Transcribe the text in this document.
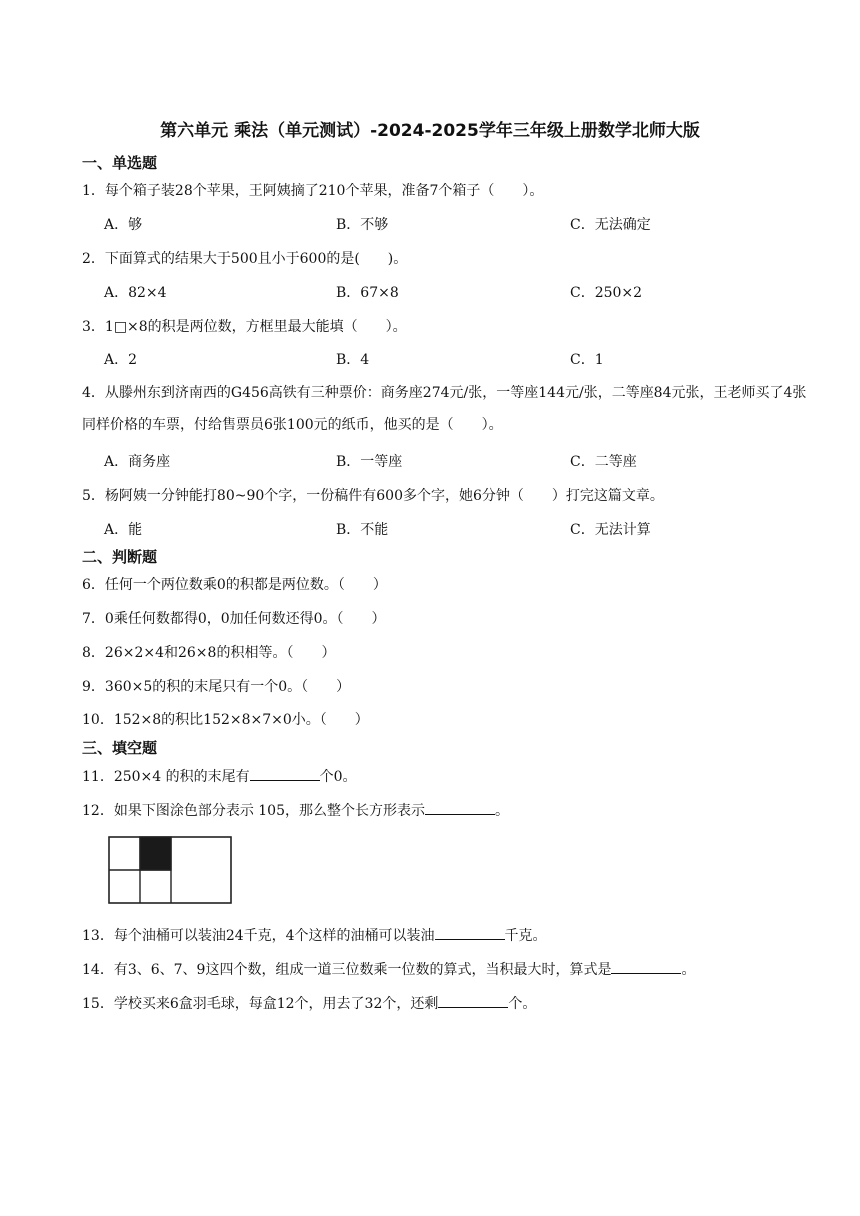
第六单元 乘法（单元测试）-2024-2025学年三年级上册数学北师大版
一、单选题
1．每个箱子装28个苹果，王阿姨摘了210个苹果，准备7个箱子（　　）。
A．够	B．不够	C．无法确定
2．下面算式的结果大于500且小于600的是(　　)。
A．82×4	B．67×8	C．250×2
3．1□×8的积是两位数，方框里最大能填（　　）。
A．2	B．4	C．1
4．从滕州东到济南西的G456高铁有三种票价：商务座274元/张，一等座144元/张，二等座84元张，王老师买了4张同样价格的车票，付给售票员6张100元的纸币，他买的是（　　）。
A．商务座	B．一等座	C．二等座
5．杨阿姨一分钟能打80~90个字，一份稿件有600多个字，她6分钟（　　）打完这篇文章。
A．能	B．不能	C．无法计算
二、判断题
6．任何一个两位数乘0的积都是两位数。（　　）
7．0乘任何数都得0，0加任何数还得0。（　　）
8．26×2×4和26×8的积相等。（　　）
9．360×5的积的末尾只有一个0。（　　）
10．152×8的积比152×8×7×0小。（　　）
三、填空题
11．250×4 的积的末尾有	个0。
12．如果下图涂色部分表示 105，那么整个长方形表示	。
13．每个油桶可以装油24千克，4个这样的油桶可以装油	千克。
14．有3、6、7、9这四个数，组成一道三位数乘一位数的算式，当积最大时，算式是	。
15．学校买来6盒羽毛球，每盒12个，用去了32个，还剩	个。
